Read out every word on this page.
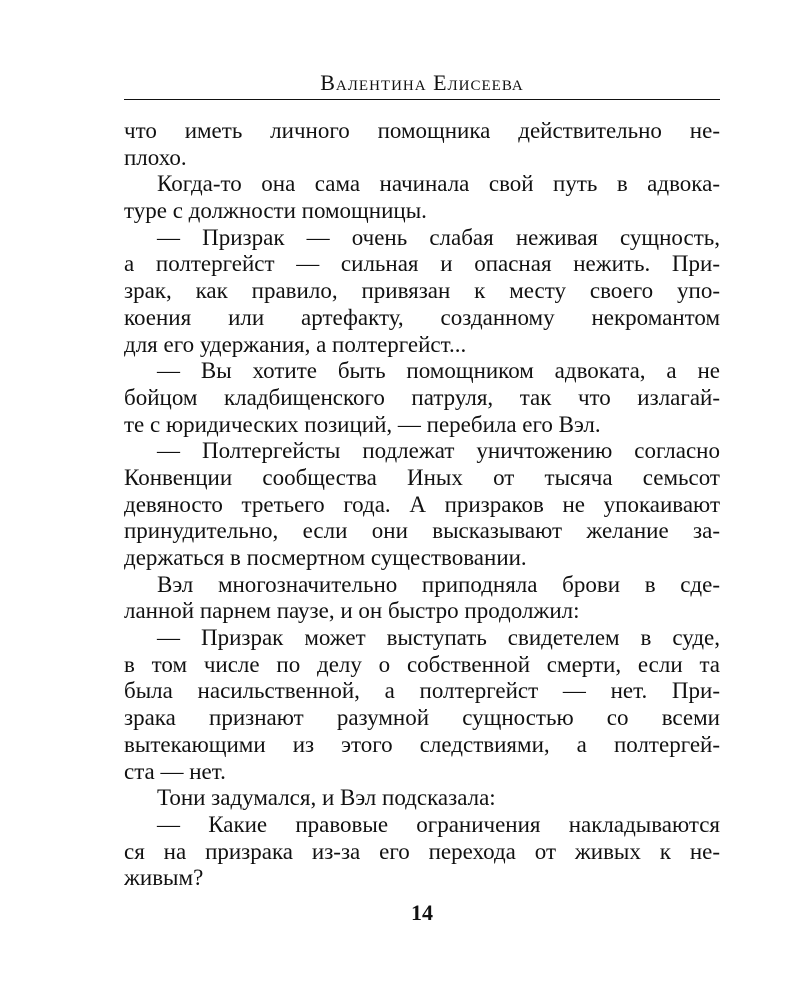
Валентина Елисеева
что иметь личного помощника действительно не-
плохо.
Когда-то она сама начинала свой путь в адвока-
туре с должности помощницы.
— Призрак — очень слабая неживая сущность,
а полтергейст — сильная и опасная нежить. При-
зрак, как правило, привязан к месту своего упо-
коения или артефакту, созданному некромантом
для его удержания, а полтергейст...
— Вы хотите быть помощником адвоката, а не
бойцом кладбищенского патруля, так что излагай-
те с юридических позиций, — перебила его Вэл.
— Полтергейсты подлежат уничтожению согласно
Конвенции сообщества Иных от тысяча семьсот
девяносто третьего года. А призраков не упокаивают
принудительно, если они высказывают желание за-
держаться в посмертном существовании.
Вэл многозначительно приподняла брови в сде-
ланной парнем паузе, и он быстро продолжил:
— Призрак может выступать свидетелем в суде,
в том числе по делу о собственной смерти, если та
была насильственной, а полтергейст — нет. При-
зрака признают разумной сущностью со всеми
вытекающими из этого следствиями, а полтергей-
ста — нет.
Тони задумался, и Вэл подсказала:
— Какие правовые ограничения накладываются
ся на призрака из-за его перехода от живых к не-
живым?
14
